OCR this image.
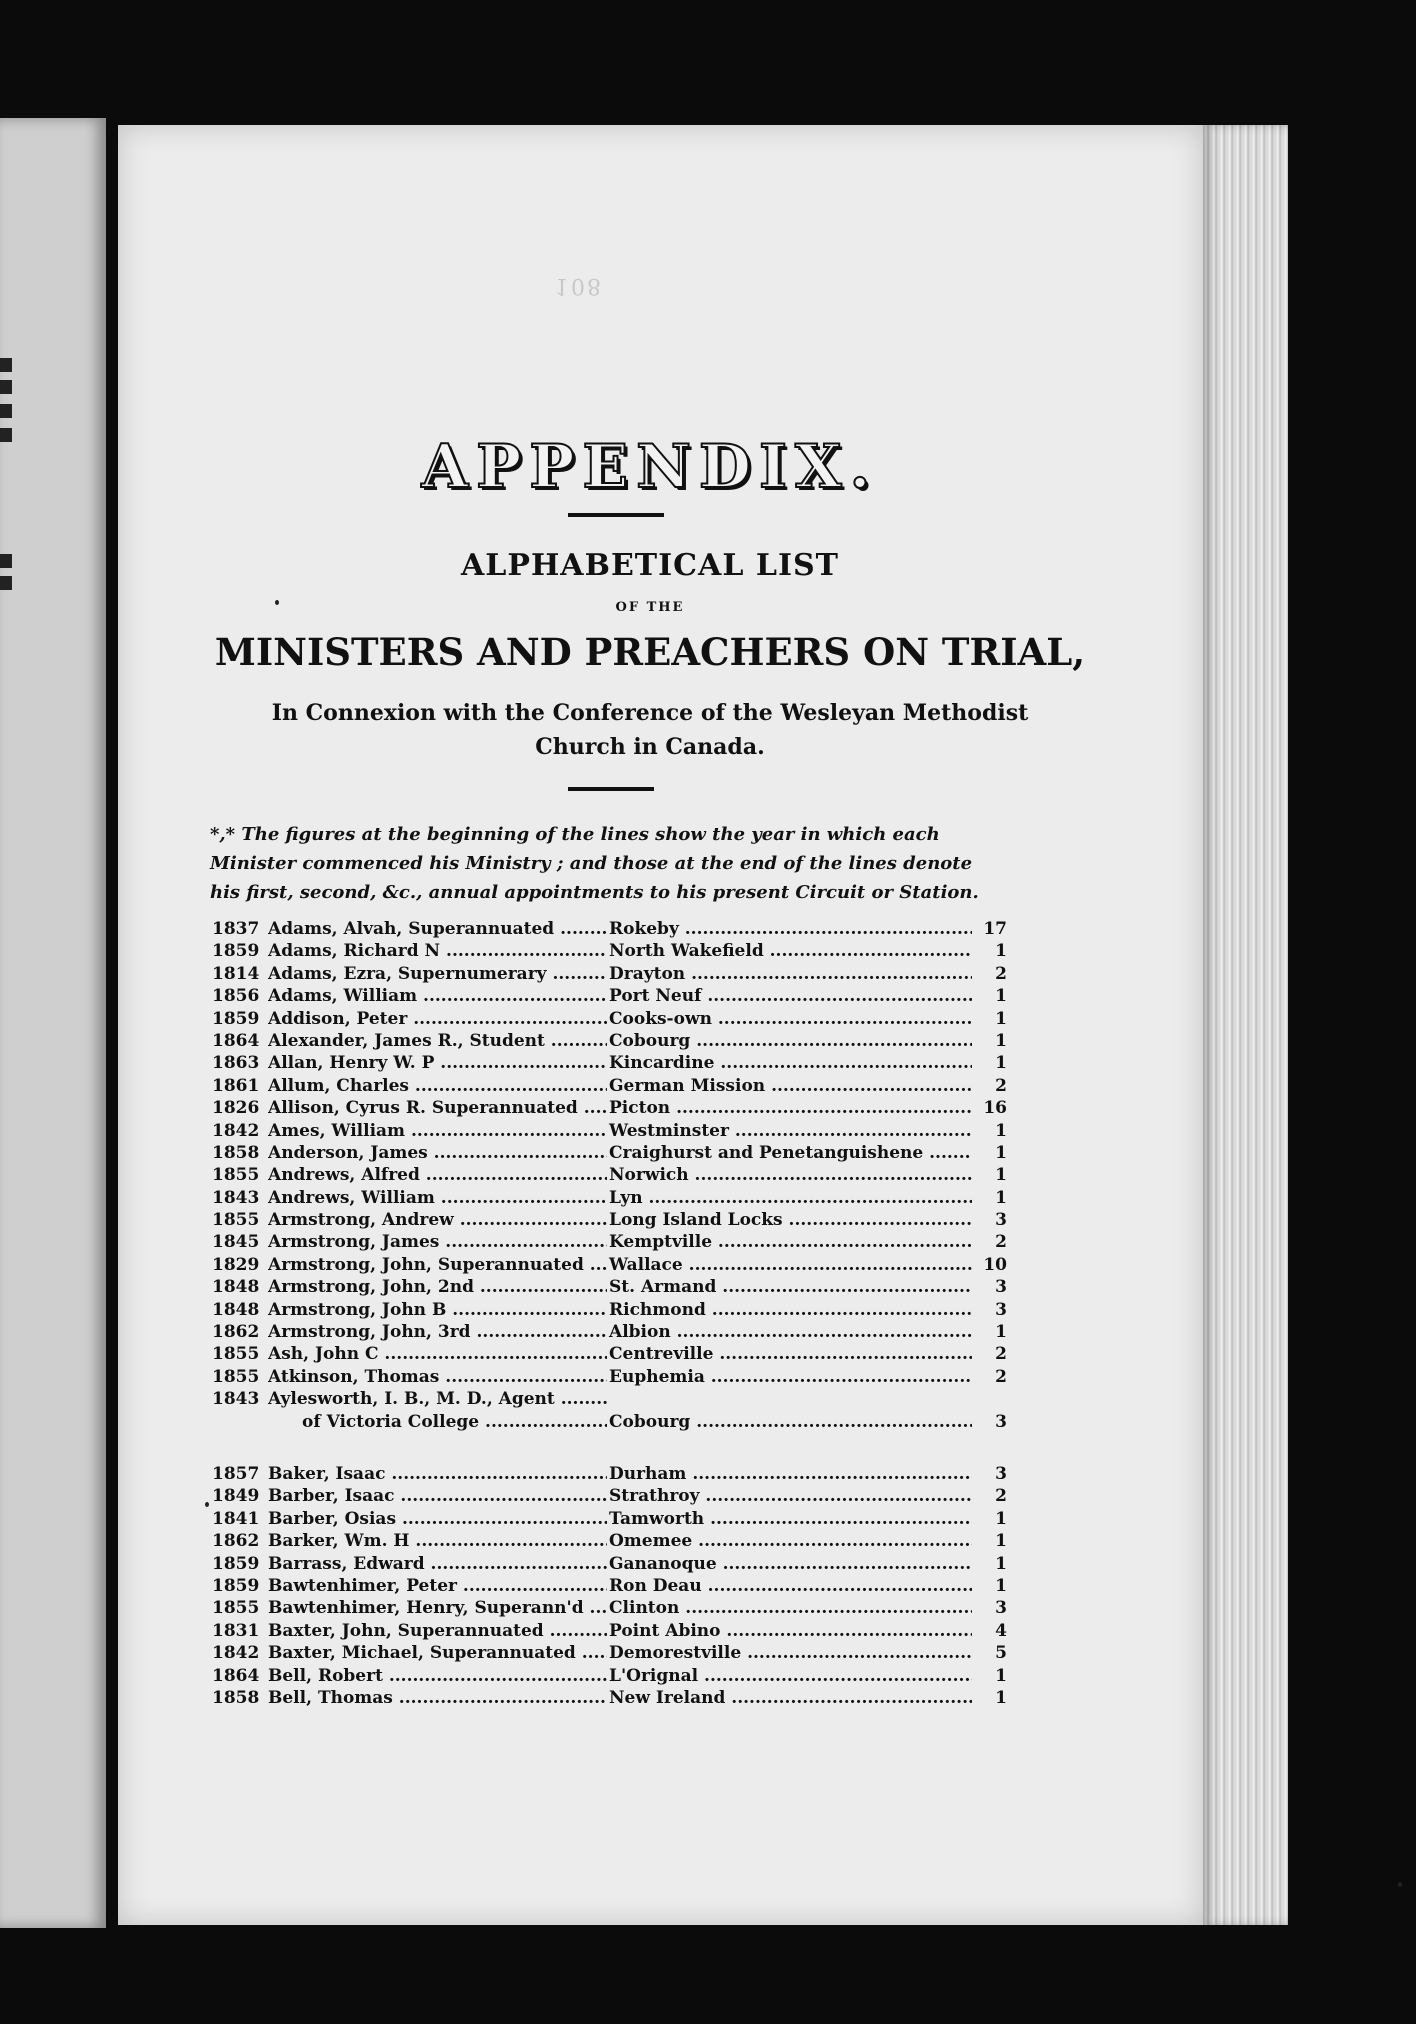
108
APPENDIX.
ALPHABETICAL LIST
OF THE
MINISTERS AND PREACHERS ON TRIAL,
In Connexion with the Conference of the Wesleyan Methodist
Church in Canada.
*,* The figures at the beginning of the lines show the year in which each
Minister commenced his Ministry ; and those at the end of the lines denote
his first, second, &c., annual appointments to his present Circuit or Station.
1837 Adams, Alvah, Superannuated .....	Rokeby .....	17
1859 Adams, Richard N .....	North Wakefield .....	1
1814 Adams, Ezra, Supernumerary .....	Drayton .....	2
1856 Adams, William .....	Port Neuf .....	1
1859 Addison, Peter .....	Cooks-own .....	1
1864 Alexander, James R., Student .....	Cobourg .....	1
1863 Allan, Henry W. P .....	Kincardine .....	1
1861 Allum, Charles .....	German Mission .....	2
1826 Allison, Cyrus R. Superannuated .....	Picton .....	16
1842 Ames, William .....	Westminster .....	1
1858 Anderson, James .....	Craighurst and Penetanguishene .....	1
1855 Andrews, Alfred .....	Norwich .....	1
1843 Andrews, William .....	Lyn .....	1
1855 Armstrong, Andrew .....	Long Island Locks .....	3
1845 Armstrong, James .....	Kemptville .....	2
1829 Armstrong, John, Superannuated .....	Wallace .....	10
1848 Armstrong, John, 2nd .....	St. Armand .....	3
1848 Armstrong, John B .....	Richmond .....	3
1862 Armstrong, John, 3rd .....	Albion .....	1
1855 Ash, John C .....	Centreville .....	2
1855 Atkinson, Thomas .....	Euphemia .....	2
1843 Aylesworth, I. B., M. D., Agent .....
of Victoria College .....	Cobourg .....	3
1857 Baker, Isaac .....	Durham .....	3
1849 Barber, Isaac .....	Strathroy .....	2
1841 Barber, Osias .....	Tamworth .....	1
1862 Barker, Wm. H .....	Omemee .....	1
1859 Barrass, Edward .....	Gananoque .....	1
1859 Bawtenhimer, Peter .....	Ron Deau .....	1
1855 Bawtenhimer, Henry, Superann'd .....	Clinton .....	3
1831 Baxter, John, Superannuated .....	Point Abino .....	4
1842 Baxter, Michael, Superannuated .....	Demorestville .....	5
1864 Bell, Robert .....	L'Orignal .....	1
1858 Bell, Thomas .....	New Ireland .....	1
